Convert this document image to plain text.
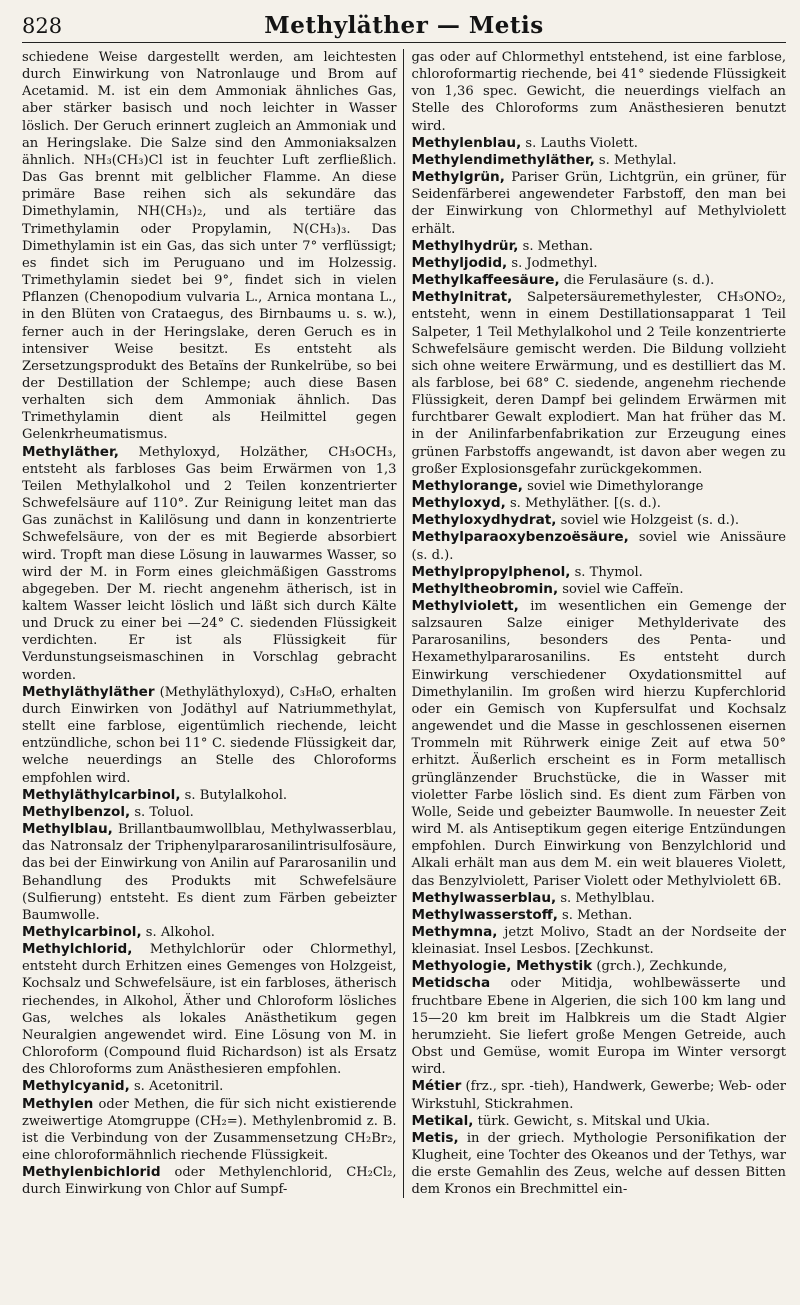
828	Methyläther — Metis

schiedene Weise dargestellt werden, am leichtesten durch Einwirkung von Natronlauge und Brom auf Acetamid. M. ist ein dem Ammoniak ähnliches Gas, aber stärker basisch und noch leichter in Wasser löslich. Der Geruch erinnert zugleich an Ammoniak und an Heringslake. Die Salze sind den Ammoniaksalzen ähnlich. NH₃(CH₃)Cl ist in feuchter Luft zerfließlich. Das Gas brennt mit gelblicher Flamme. An diese primäre Base reihen sich als sekundäre das Dimethylamin, NH(CH₃)₂, und als tertiäre das Trimethylamin oder Propylamin, N(CH₃)₃. Das Dimethylamin ist ein Gas, das sich unter 7° verflüssigt; es findet sich im Peruguano und im Holzessig. Trimethylamin siedet bei 9°, findet sich in vielen Pflanzen (Chenopodium vulvaria L., Arnica montana L., in den Blüten von Crataegus, des Birnbaums u. s. w.), ferner auch in der Heringslake, deren Geruch es in intensiver Weise besitzt. Es entsteht als Zersetzungsprodukt des Betaïns der Runkelrübe, so bei der Destillation der Schlempe; auch diese Basen verhalten sich dem Ammoniak ähnlich. Das Trimethylamin dient als Heilmittel gegen Gelenkrheumatismus.

Methyläther, Methyloxyd, Holzäther, CH₃OCH₃, entsteht als farbloses Gas beim Erwärmen von 1,3 Teilen Methylalkohol und 2 Teilen konzentrierter Schwefelsäure auf 110°. Zur Reinigung leitet man das Gas zunächst in Kalilösung und dann in konzentrierte Schwefelsäure, von der es mit Begierde absorbiert wird. Tropft man diese Lösung in lauwarmes Wasser, so wird der M. in Form eines gleichmäßigen Gasstroms abgegeben. Der M. riecht angenehm ätherisch, ist in kaltem Wasser leicht löslich und läßt sich durch Kälte und Druck zu einer bei —24° C. siedenden Flüssigkeit verdichten. Er ist als Flüssigkeit für Verdunstungseismaschinen in Vorschlag gebracht worden.

Methyläthyläther (Methyläthyloxyd), C₃H₈O, erhalten durch Einwirken von Jodäthyl auf Natriummethylat, stellt eine farblose, eigentümlich riechende, leicht entzündliche, schon bei 11° C. siedende Flüssigkeit dar, welche neuerdings an Stelle des Chloroforms empfohlen wird.

Methyläthylcarbinol, s. Butylalkohol.

Methylbenzol, s. Toluol.

Methylblau, Brillantbaumwollblau, Methylwasserblau, das Natronsalz der Triphenylpararosanilintrisulfosäure, das bei der Einwirkung von Anilin auf Pararosanilin und Behandlung des Produkts mit Schwefelsäure (Sulfierung) entsteht. Es dient zum Färben gebeizter Baumwolle.

Methylcarbinol, s. Alkohol.

Methylchlorid, Methylchlorür oder Chlormethyl, entsteht durch Erhitzen eines Gemenges von Holzgeist, Kochsalz und Schwefelsäure, ist ein farbloses, ätherisch riechendes, in Alkohol, Äther und Chloroform lösliches Gas, welches als lokales Anästhetikum gegen Neuralgien angewendet wird. Eine Lösung von M. in Chloroform (Compound fluid Richardson) ist als Ersatz des Chloroforms zum Anästhesieren empfohlen.

Methylcyanid, s. Acetonitril.

Methylen oder Methen, die für sich nicht existierende zweiwertige Atomgruppe (CH₂=). Methylenbromid z. B. ist die Verbindung von der Zusammensetzung CH₂Br₂, eine chloroformähnlich riechende Flüssigkeit.

Methylenbichlorid oder Methylenchlorid, CH₂Cl₂, durch Einwirkung von Chlor auf Sumpf-

gas oder auf Chlormethyl entstehend, ist eine farblose, chloroformartig riechende, bei 41° siedende Flüssigkeit von 1,36 spec. Gewicht, die neuerdings vielfach an Stelle des Chloroforms zum Anästhesieren benutzt wird.

Methylenblau, s. Lauths Violett.

Methylendimethyläther, s. Methylal.

Methylgrün, Pariser Grün, Lichtgrün, ein grüner, für Seidenfärberei angewendeter Farbstoff, den man bei der Einwirkung von Chlormethyl auf Methylviolett erhält.

Methylhydrür, s. Methan.

Methyljodid, s. Jodmethyl.

Methylkaffeesäure, die Ferulasäure (s. d.).

Methylnitrat, Salpetersäuremethylester, CH₃ONO₂, entsteht, wenn in einem Destillationsapparat 1 Teil Salpeter, 1 Teil Methylalkohol und 2 Teile konzentrierte Schwefelsäure gemischt werden. Die Bildung vollzieht sich ohne weitere Erwärmung, und es destilliert das M. als farblose, bei 68° C. siedende, angenehm riechende Flüssigkeit, deren Dampf bei gelindem Erwärmen mit furchtbarer Gewalt explodiert. Man hat früher das M. in der Anilinfarbenfabrikation zur Erzeugung eines grünen Farbstoffs angewandt, ist davon aber wegen zu großer Explosionsgefahr zurückgekommen.

Methylorange, soviel wie Dimethylorange

Methyloxyd, s. Methyläther. [(s. d.).

Methyloxydhydrat, soviel wie Holzgeist (s. d.).

Methylparaoxybenzoësäure, soviel wie Anissäure (s. d.).

Methylpropylphenol, s. Thymol.

Methyltheobromin, soviel wie Caffeïn.

Methylviolett, im wesentlichen ein Gemenge der salzsauren Salze einiger Methylderivate des Pararosanilins, besonders des Penta- und Hexamethylpararosanilins. Es entsteht durch Einwirkung verschiedener Oxydationsmittel auf Dimethylanilin. Im großen wird hierzu Kupferchlorid oder ein Gemisch von Kupfersulfat und Kochsalz angewendet und die Masse in geschlossenen eisernen Trommeln mit Rührwerk einige Zeit auf etwa 50° erhitzt. Äußerlich erscheint es in Form metallisch grünglänzender Bruchstücke, die in Wasser mit violetter Farbe löslich sind. Es dient zum Färben von Wolle, Seide und gebeizter Baumwolle. In neuester Zeit wird M. als Antiseptikum gegen eiterige Entzündungen empfohlen. Durch Einwirkung von Benzylchlorid und Alkali erhält man aus dem M. ein weit blaueres Violett, das Benzylviolett, Pariser Violett oder Methylviolett 6B.

Methylwasserblau, s. Methylblau.

Methylwasserstoff, s. Methan.

Methymna, jetzt Molivo, Stadt an der Nordseite der kleinasiat. Insel Lesbos. [Zechkunst.

Methyologie, Methystik (grch.), Zechkunde,

Metidscha oder Mitidja, wohlbewässerte und fruchtbare Ebene in Algerien, die sich 100 km lang und 15—20 km breit im Halbkreis um die Stadt Algier herumzieht. Sie liefert große Mengen Getreide, auch Obst und Gemüse, womit Europa im Winter versorgt wird.

Métier (frz., spr. -tieh), Handwerk, Gewerbe; Web- oder Wirkstuhl, Stickrahmen.

Metikal, türk. Gewicht, s. Mitskal und Ukia.

Metis, in der griech. Mythologie Personifikation der Klugheit, eine Tochter des Okeanos und der Tethys, war die erste Gemahlin des Zeus, welche auf dessen Bitten dem Kronos ein Brechmittel ein-
